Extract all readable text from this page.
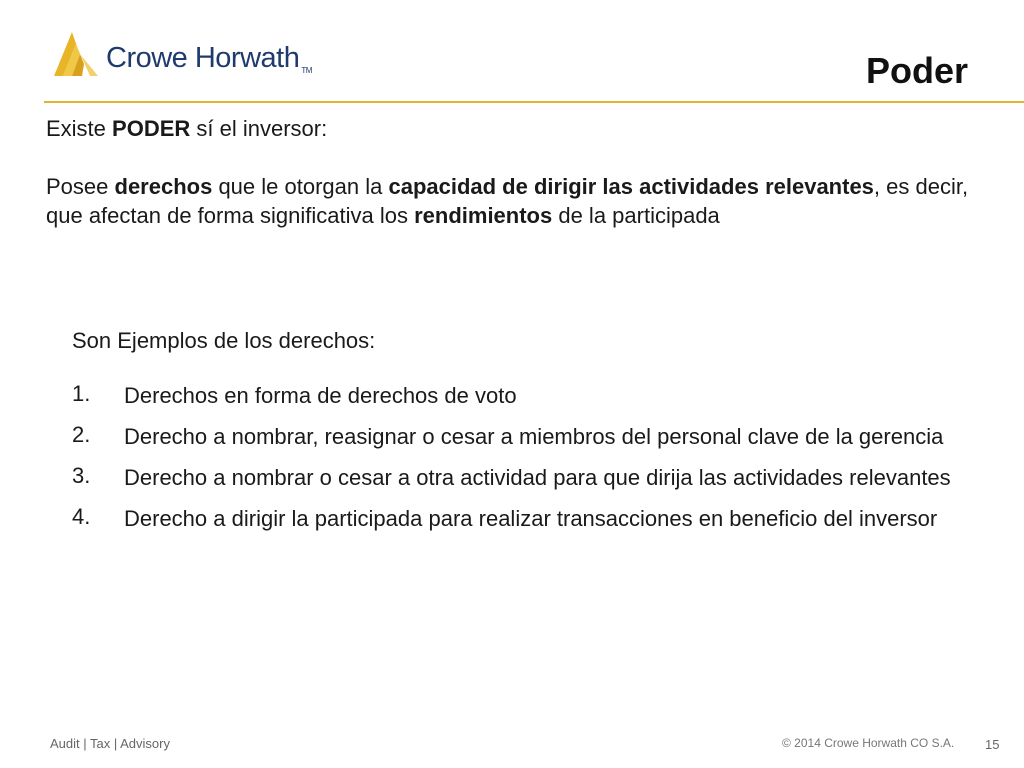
Crowe Horwath TM	Poder

Existe PODER sí el inversor:

Posee derechos que le otorgan la capacidad de dirigir las actividades relevantes, es decir, que afectan de forma significativa los rendimientos de la participada

Son Ejemplos de los derechos:

1.	Derechos en forma de derechos de voto
2.	Derecho a nombrar, reasignar o cesar a miembros del personal clave de la gerencia
3.	Derecho a nombrar o cesar a otra actividad para que dirija las actividades relevantes
4.	Derecho a dirigir la participada para realizar transacciones en beneficio del inversor
Audit | Tax | Advisory	© 2014 Crowe Horwath CO S.A. 15
